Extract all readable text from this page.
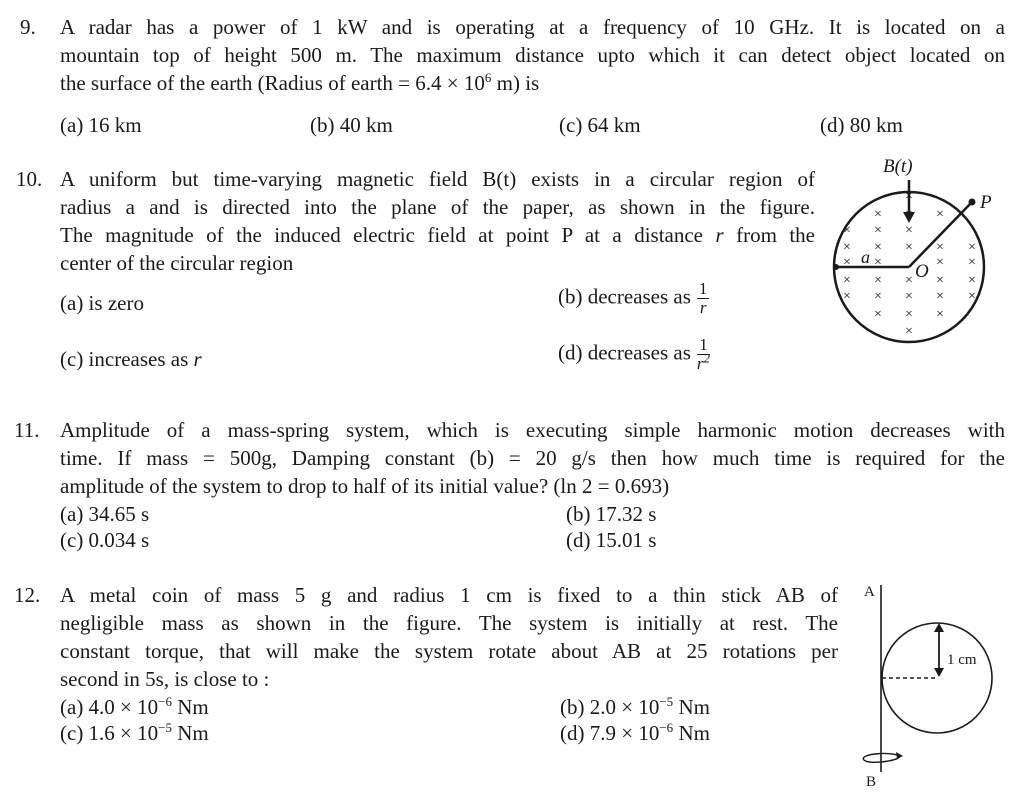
9. A radar has a power of 1 kW and is operating at a frequency of 10 GHz. It is located on a
mountain top of height 500 m. The maximum distance upto which it can detect object located on
the surface of the earth (Radius of earth = $6.4 \times 10^6$ m) is
(a) 16 km	(b) 40 km	(c) 64 km	(d) 80 km
10. A uniform but time-varying magnetic field B(t) exists in a circular region of
radius a and is directed into the plane of the paper, as shown in the figure.
The magnitude of the induced electric field at point P at a distance r from the
center of the circular region
(a) is zero	(b) decreases as $\frac{1}{r}$
(c) increases as r	(d) decreases as $\frac{1}{r^2}$
B(t)
×
× × ×
× × ×
× × × × ×
× ×	× ×
× × × × ×
× × × × ×
× × ×
×
a
O
P
11. Amplitude of a mass-spring system, which is executing simple harmonic motion decreases with
time. If mass = 500g, Damping constant (b) = 20 g/s then how much time is required for the
amplitude of the system to drop to half of its initial value? (ln 2 = 0.693)
(a) 34.65 s	(b) 17.32 s
(c) 0.034 s	(d) 15.01 s
12. A metal coin of mass 5 g and radius 1 cm is fixed to a thin stick AB of
negligible mass as shown in the figure. The system is initially at rest. The
constant torque, that will make the system rotate about AB at 25 rotations per
second in 5s, is close to :
(a) $4.0 \times 10^{-6}$ Nm	(b) $2.0 \times 10^{-5}$ Nm
(c) $1.6 \times 10^{-5}$ Nm	(d) $7.9 \times 10^{-6}$ Nm
A
1 cm
B
